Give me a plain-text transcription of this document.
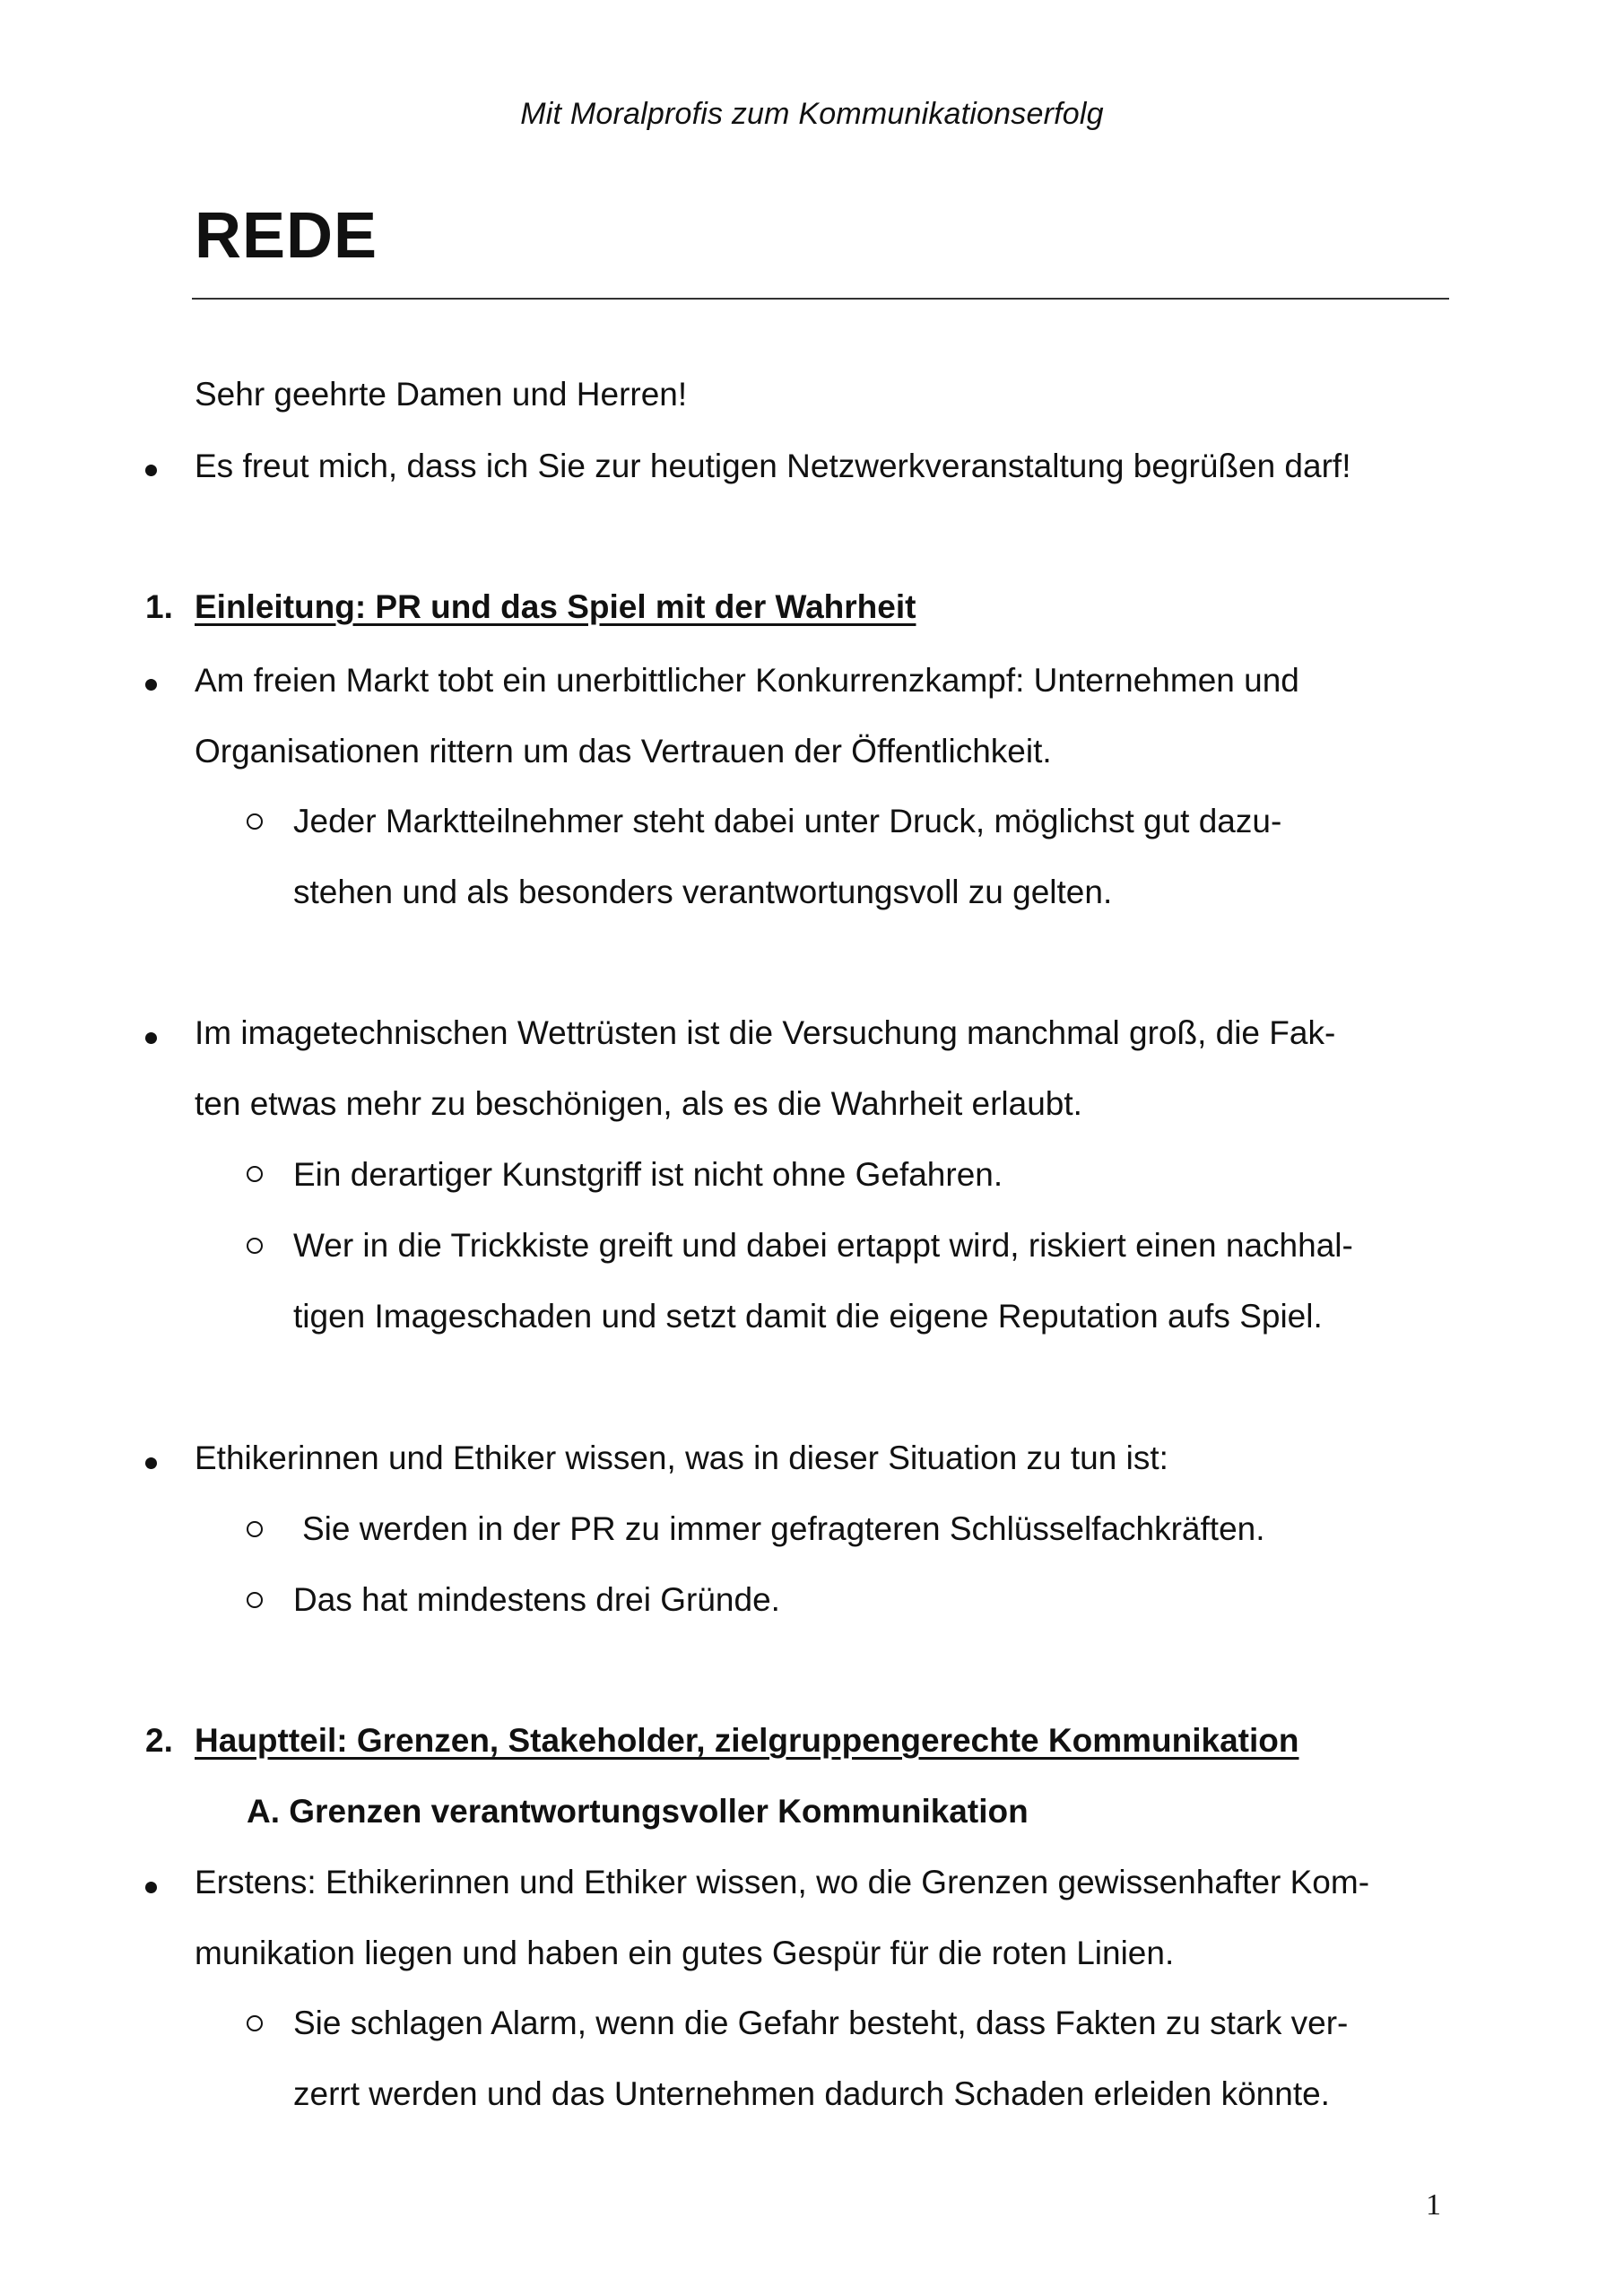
Mit Moralprofis zum Kommunikationserfolg
REDE
Sehr geehrte Damen und Herren!
Es freut mich, dass ich Sie zur heutigen Netzwerkveranstaltung begrüßen darf!
1. Einleitung: PR und das Spiel mit der Wahrheit
Am freien Markt tobt ein unerbittlicher Konkurrenzkampf: Unternehmen und
Organisationen rittern um das Vertrauen der Öffentlichkeit.
Jeder Marktteilnehmer steht dabei unter Druck, möglichst gut dazu-
stehen und als besonders verantwortungsvoll zu gelten.
Im imagetechnischen Wettrüsten ist die Versuchung manchmal groß, die Fak-
ten etwas mehr zu beschönigen, als es die Wahrheit erlaubt.
Ein derartiger Kunstgriff ist nicht ohne Gefahren.
Wer in die Trickkiste greift und dabei ertappt wird, riskiert einen nachhal-
tigen Imageschaden und setzt damit die eigene Reputation aufs Spiel.
Ethikerinnen und Ethiker wissen, was in dieser Situation zu tun ist:
Sie werden in der PR zu immer gefragteren Schlüsselfachkräften.
Das hat mindestens drei Gründe.
2. Hauptteil: Grenzen, Stakeholder, zielgruppengerechte Kommunikation
A. Grenzen verantwortungsvoller Kommunikation
Erstens: Ethikerinnen und Ethiker wissen, wo die Grenzen gewissenhafter Kom-
munikation liegen und haben ein gutes Gespür für die roten Linien.
Sie schlagen Alarm, wenn die Gefahr besteht, dass Fakten zu stark ver-
zerrt werden und das Unternehmen dadurch Schaden erleiden könnte.
1
